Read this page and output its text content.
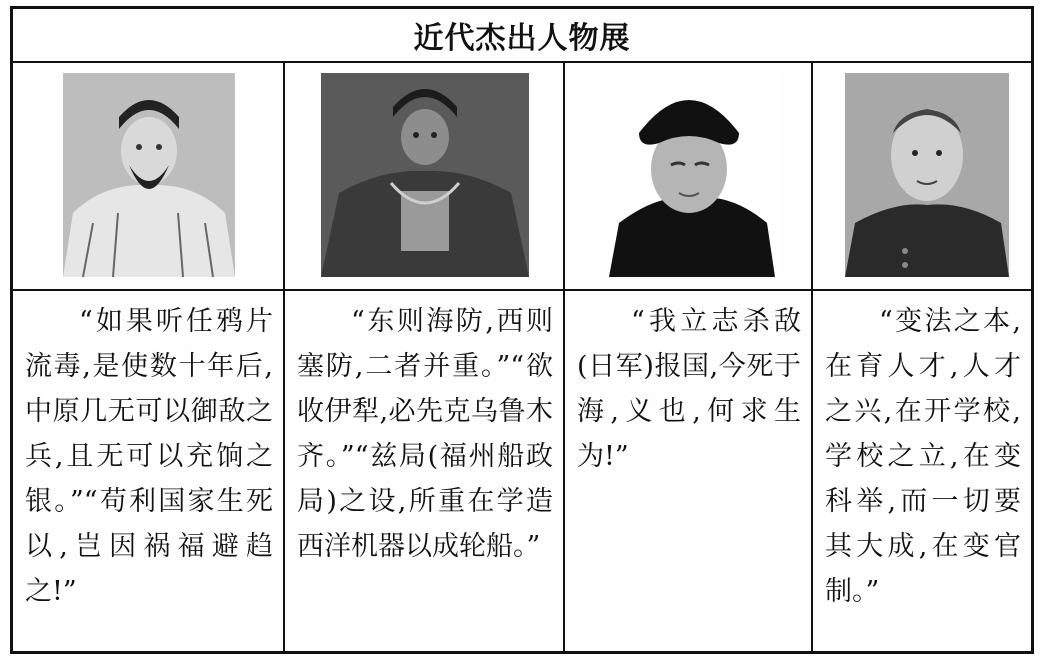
近代杰出人物展
“如果听任鸦片流毒,是使数十年后,中原几无可以御敌之兵,且无可以充饷之银。”“苟利国家生死以,岂因祸福避趋之!”
“东则海防,西则塞防,二者并重。”“欲收伊犁,必先克乌鲁木齐。”“兹局(福州船政局)之设,所重在学造西洋机器以成轮船。”
“我立志杀敌(日军)报国,今死于海,义也,何求生为!”
“变法之本,在育人才,人才之兴,在开学校,学校之立,在变科举,而一切要其大成,在变官制。”
